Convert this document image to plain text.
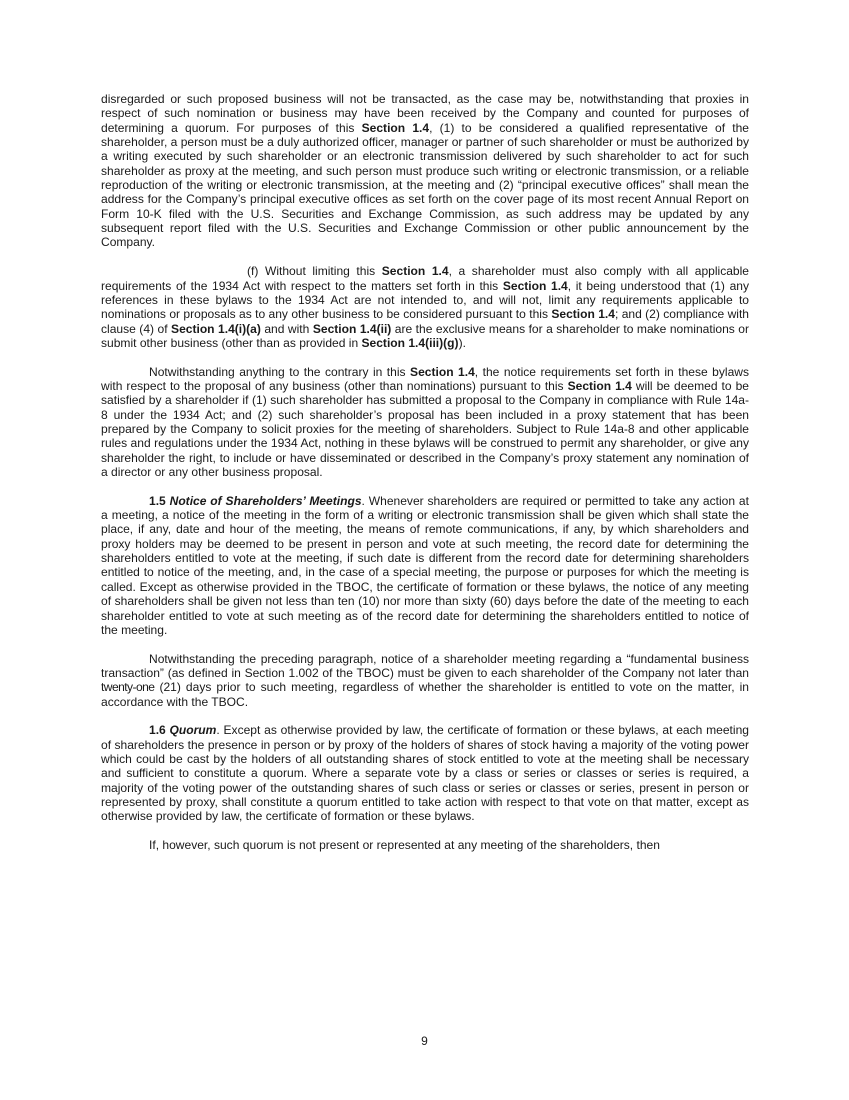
disregarded or such proposed business will not be transacted, as the case may be, notwithstanding that proxies in respect of such nomination or business may have been received by the Company and counted for purposes of determining a quorum. For purposes of this Section 1.4, (1) to be considered a qualified representative of the shareholder, a person must be a duly authorized officer, manager or partner of such shareholder or must be authorized by a writing executed by such shareholder or an electronic transmission delivered by such shareholder to act for such shareholder as proxy at the meeting, and such person must produce such writing or electronic transmission, or a reliable reproduction of the writing or electronic transmission, at the meeting and (2) “principal executive offices” shall mean the address for the Company’s principal executive offices as set forth on the cover page of its most recent Annual Report on Form 10-K filed with the U.S. Securities and Exchange Commission, as such address may be updated by any subsequent report filed with the U.S. Securities and Exchange Commission or other public announcement by the Company.

(f) Without limiting this Section 1.4, a shareholder must also comply with all applicable requirements of the 1934 Act with respect to the matters set forth in this Section 1.4, it being understood that (1) any references in these bylaws to the 1934 Act are not intended to, and will not, limit any requirements applicable to nominations or proposals as to any other business to be considered pursuant to this Section 1.4; and (2) compliance with clause (4) of Section 1.4(i)(a) and with Section 1.4(ii) are the exclusive means for a shareholder to make nominations or submit other business (other than as provided in Section 1.4(iii)(g)).

Notwithstanding anything to the contrary in this Section 1.4, the notice requirements set forth in these bylaws with respect to the proposal of any business (other than nominations) pursuant to this Section 1.4 will be deemed to be satisfied by a shareholder if (1) such shareholder has submitted a proposal to the Company in compliance with Rule 14a-8 under the 1934 Act; and (2) such shareholder’s proposal has been included in a proxy statement that has been prepared by the Company to solicit proxies for the meeting of shareholders. Subject to Rule 14a-8 and other applicable rules and regulations under the 1934 Act, nothing in these bylaws will be construed to permit any shareholder, or give any shareholder the right, to include or have disseminated or described in the Company’s proxy statement any nomination of a director or any other business proposal.

1.5 Notice of Shareholders’ Meetings. Whenever shareholders are required or permitted to take any action at a meeting, a notice of the meeting in the form of a writing or electronic transmission shall be given which shall state the place, if any, date and hour of the meeting, the means of remote communications, if any, by which shareholders and proxy holders may be deemed to be present in person and vote at such meeting, the record date for determining the shareholders entitled to vote at the meeting, if such date is different from the record date for determining shareholders entitled to notice of the meeting, and, in the case of a special meeting, the purpose or purposes for which the meeting is called. Except as otherwise provided in the TBOC, the certificate of formation or these bylaws, the notice of any meeting of shareholders shall be given not less than ten (10) nor more than sixty (60) days before the date of the meeting to each shareholder entitled to vote at such meeting as of the record date for determining the shareholders entitled to notice of the meeting.

Notwithstanding the preceding paragraph, notice of a shareholder meeting regarding a “fundamental business transaction” (as defined in Section 1.002 of the TBOC) must be given to each shareholder of the Company not later than twenty-one (21) days prior to such meeting, regardless of whether the shareholder is entitled to vote on the matter, in accordance with the TBOC.

1.6 Quorum. Except as otherwise provided by law, the certificate of formation or these bylaws, at each meeting of shareholders the presence in person or by proxy of the holders of shares of stock having a majority of the voting power which could be cast by the holders of all outstanding shares of stock entitled to vote at the meeting shall be necessary and sufficient to constitute a quorum. Where a separate vote by a class or series or classes or series is required, a majority of the voting power of the outstanding shares of such class or series or classes or series, present in person or represented by proxy, shall constitute a quorum entitled to take action with respect to that vote on that matter, except as otherwise provided by law, the certificate of formation or these bylaws.

If, however, such quorum is not present or represented at any meeting of the shareholders, then

9
